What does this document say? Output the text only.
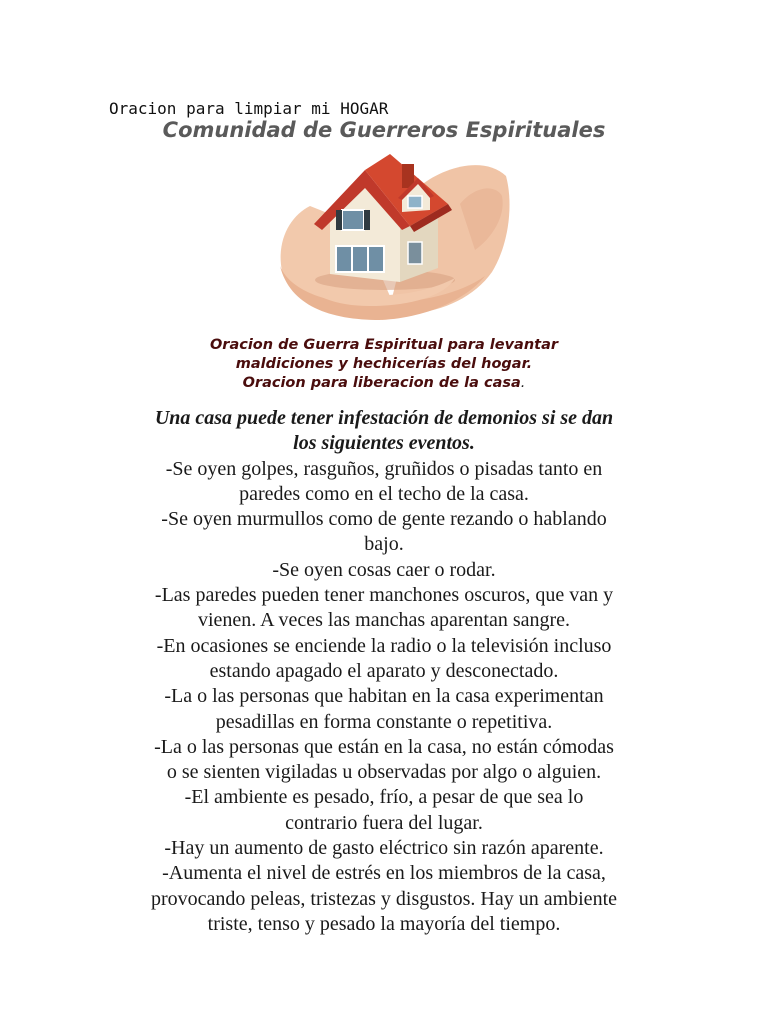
Oracion para limpiar mi HOGAR
Comunidad de Guerreros Espirituales
Oracion de Guerra Espiritual para levantar
maldiciones y hechicerías del hogar.
Oracion para liberacion de la casa.
Una casa puede tener infestación de demonios si se dan
los siguientes eventos.
-Se oyen golpes, rasguños, gruñidos o pisadas tanto en
paredes como en el techo de la casa.
-Se oyen murmullos como de gente rezando o hablando
bajo.
-Se oyen cosas caer o rodar.
-Las paredes pueden tener manchones oscuros, que van y
vienen. A veces las manchas aparentan sangre.
-En ocasiones se enciende la radio o la televisión incluso
estando apagado el aparato y desconectado.
-La o las personas que habitan en la casa experimentan
pesadillas en forma constante o repetitiva.
-La o las personas que están en la casa, no están cómodas
o se sienten vigiladas u observadas por algo o alguien.
-El ambiente es pesado, frío, a pesar de que sea lo
contrario fuera del lugar.
-Hay un aumento de gasto eléctrico sin razón aparente.
-Aumenta el nivel de estrés en los miembros de la casa,
provocando peleas, tristezas y disgustos. Hay un ambiente
triste, tenso y pesado la mayoría del tiempo.
